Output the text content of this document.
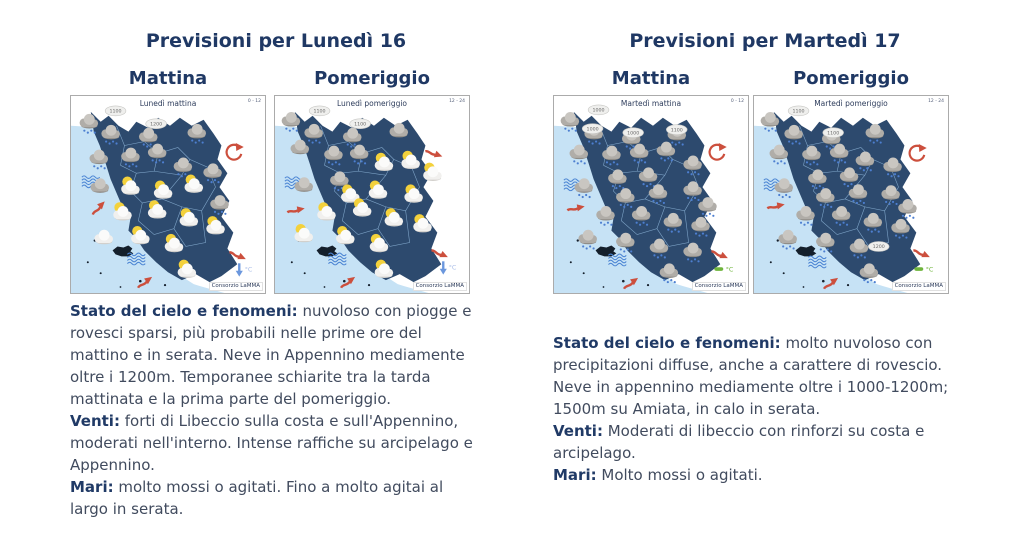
Previsioni per Lunedì 16
Mattina
1100
1200
°C
Lunedì mattina	0 - 12
Consorzio LaMMA
Pomeriggio
1100
1100
°C
Lunedì pomeriggio	12 - 24
Consorzio LaMMA

Stato del cielo e fenomeni: nuvoloso con piogge e rovesci sparsi, più probabili nelle prime ore del mattino e in serata. Neve in Appennino mediamente oltre i 1200m. Temporanee schiarite tra la tarda mattinata e la prima parte del pomeriggio.

Venti: forti di Libeccio sulla costa e sull'Appennino, moderati nell'interno. Intense raffiche su arcipelago e Appennino.

Mari: molto mossi o agitati. Fino a molto agitai al largo in serata.

Previsioni per Martedì 17
Mattina
1000
1000
1000
1100
°C
Martedì mattina	0 - 12
Consorzio LaMMA
Pomeriggio
1100
1100
1200
°C
Martedì pomeriggio	12 - 24
Consorzio LaMMA

Stato del cielo e fenomeni: molto nuvoloso con precipitazioni diffuse, anche a carattere di rovescio. Neve in appennino mediamente oltre i 1000-1200m; 1500m su Amiata, in calo in serata.

Venti: Moderati di libeccio con rinforzi su costa e arcipelago.

Mari: Molto mossi o agitati.
